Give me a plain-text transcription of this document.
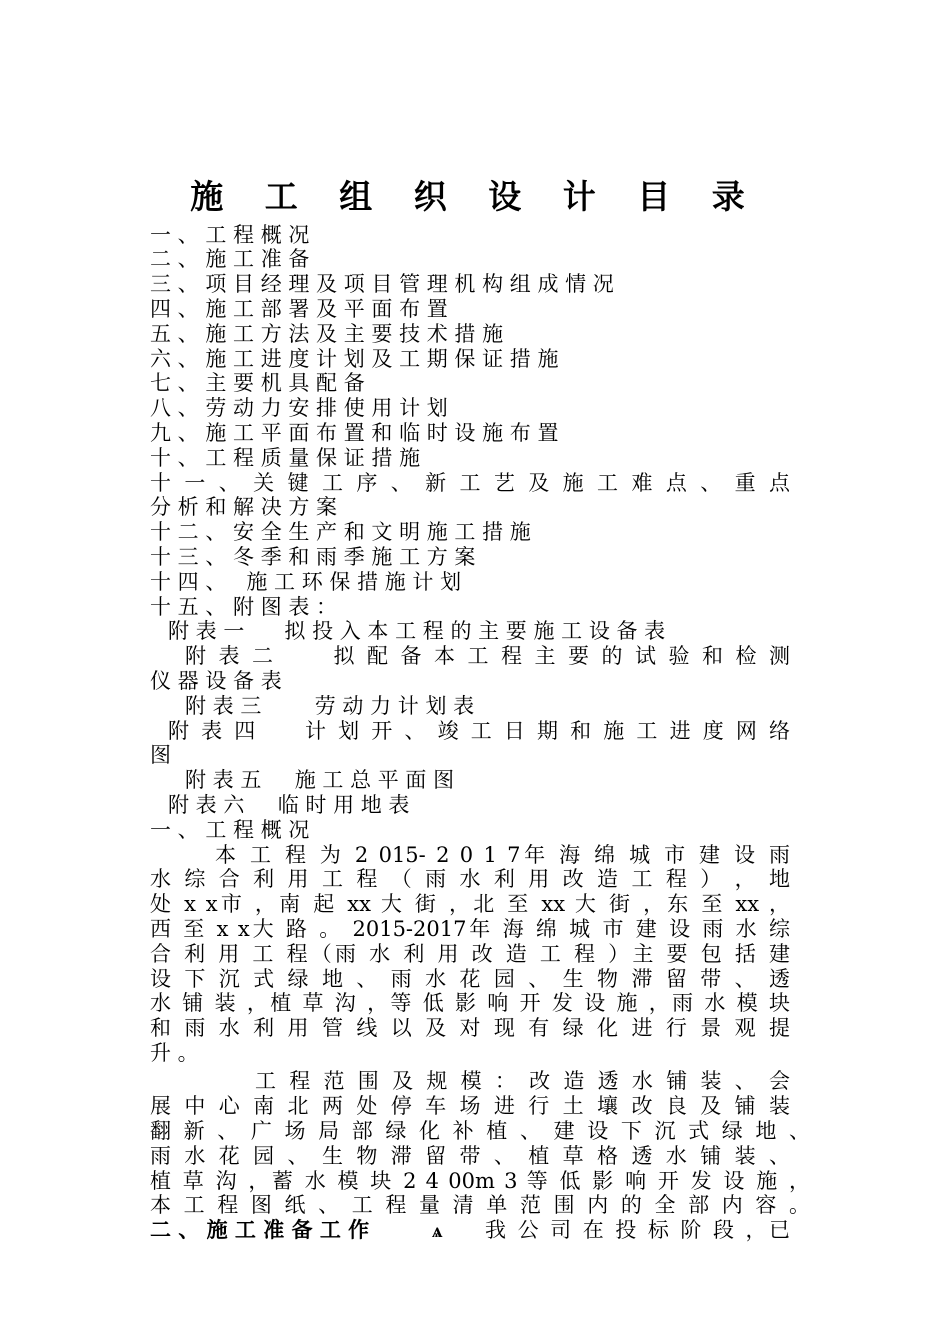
施 工 组 织 设 计 目 录
一 、 工 程 概 况
二 、 施 工 准 备
三 、 项 目 经 理 及 项 目 管 理 机 构 组 成 情 况
四 、 施 工 部 署 及 平 面 布 置
五 、 施 工 方 法 及 主 要 技 术 措 施
六 、 施 工 进 度 计 划 及 工 期 保 证 措 施
七 、 主 要 机 具 配 备
八 、 劳 动 力 安 排 使 用 计 划
九 、 施 工 平 面 布 置 和 临 时 设 施 布 置
十 、 工 程 质 量 保 证 措 施
十 一 、 关 键 工 序 、 新 工 艺 及 施 工 难 点 、 重 点
分 析 和 解 决 方 案
十 二 、 安 全 生 产 和 文 明 施 工 措 施
十 三 、 冬 季 和 雨 季 施 工 方 案
十 四 、   施 工 环 保 措 施 计 划
十 五 、 附 图 表 ：
附 表 一      拟 投 入 本 工 程 的 主 要 施 工 设 备 表
附 表 二      拟 配 备 本 工 程 主 要 的 试 验 和 检 测
仪 器 设 备 表
附 表 三        劳 动 力 计 划 表
附 表 四     计 划 开 、 竣 工 日 期 和 施 工 进 度 网 络
图
附 表 五     施 工 总 平 面 图
附 表 六     临 时 用 地 表
一 、 工 程 概 况
本 工 程 为 2 015- 2 0 1 7年 海 绵 城 市 建 设 雨
水 综 合 利 用 工 程 （ 雨 水 利 用 改 造 工 程 ） ， 地
处 x x市 ，南 起 xx 大 街 ，北 至 xx 大 街 ，东 至 xx ，
西 至 x x大 路 。 2015-2017年 海 绵 城 市 建 设 雨 水 综
合 利 用 工 程（雨 水 利 用 改 造 工 程 ）主 要 包 括 建
设 下 沉 式 绿 地 、 雨 水 花 园 、 生 物 滞 留 带 、 透
水 铺 装 ，植 草 沟 ，等 低 影 响 开 发 设 施 ，雨 水 模 块
和 雨 水 利 用 管 线 以 及 对 现 有 绿 化 进 行 景 观 提
升 。
工 程 范 围 及 规 模 ： 改 造 透 水 铺 装 、 会
展 中 心 南 北 两 处 停 车 场 进 行 土 壤 改 良 及 铺 装
翻 新 、 广 场 局 部 绿 化 补 植 、 建 设 下 沉 式 绿 地 、
雨 水 花 园 、 生 物 滞 留 带 、 植 草 格 透 水 铺 装 、
植 草 沟 ，蓄 水 模 块 2 4 00m 3 等 低 影 响 开 发 设 施 ，
本 工 程 图 纸 、 工 程 量 清 单 范 围 内 的 全 部 内 容 。
二 、 施 工 准 备 工 作	ѧ	我 公 司 在 投 标 阶 段 ，已
